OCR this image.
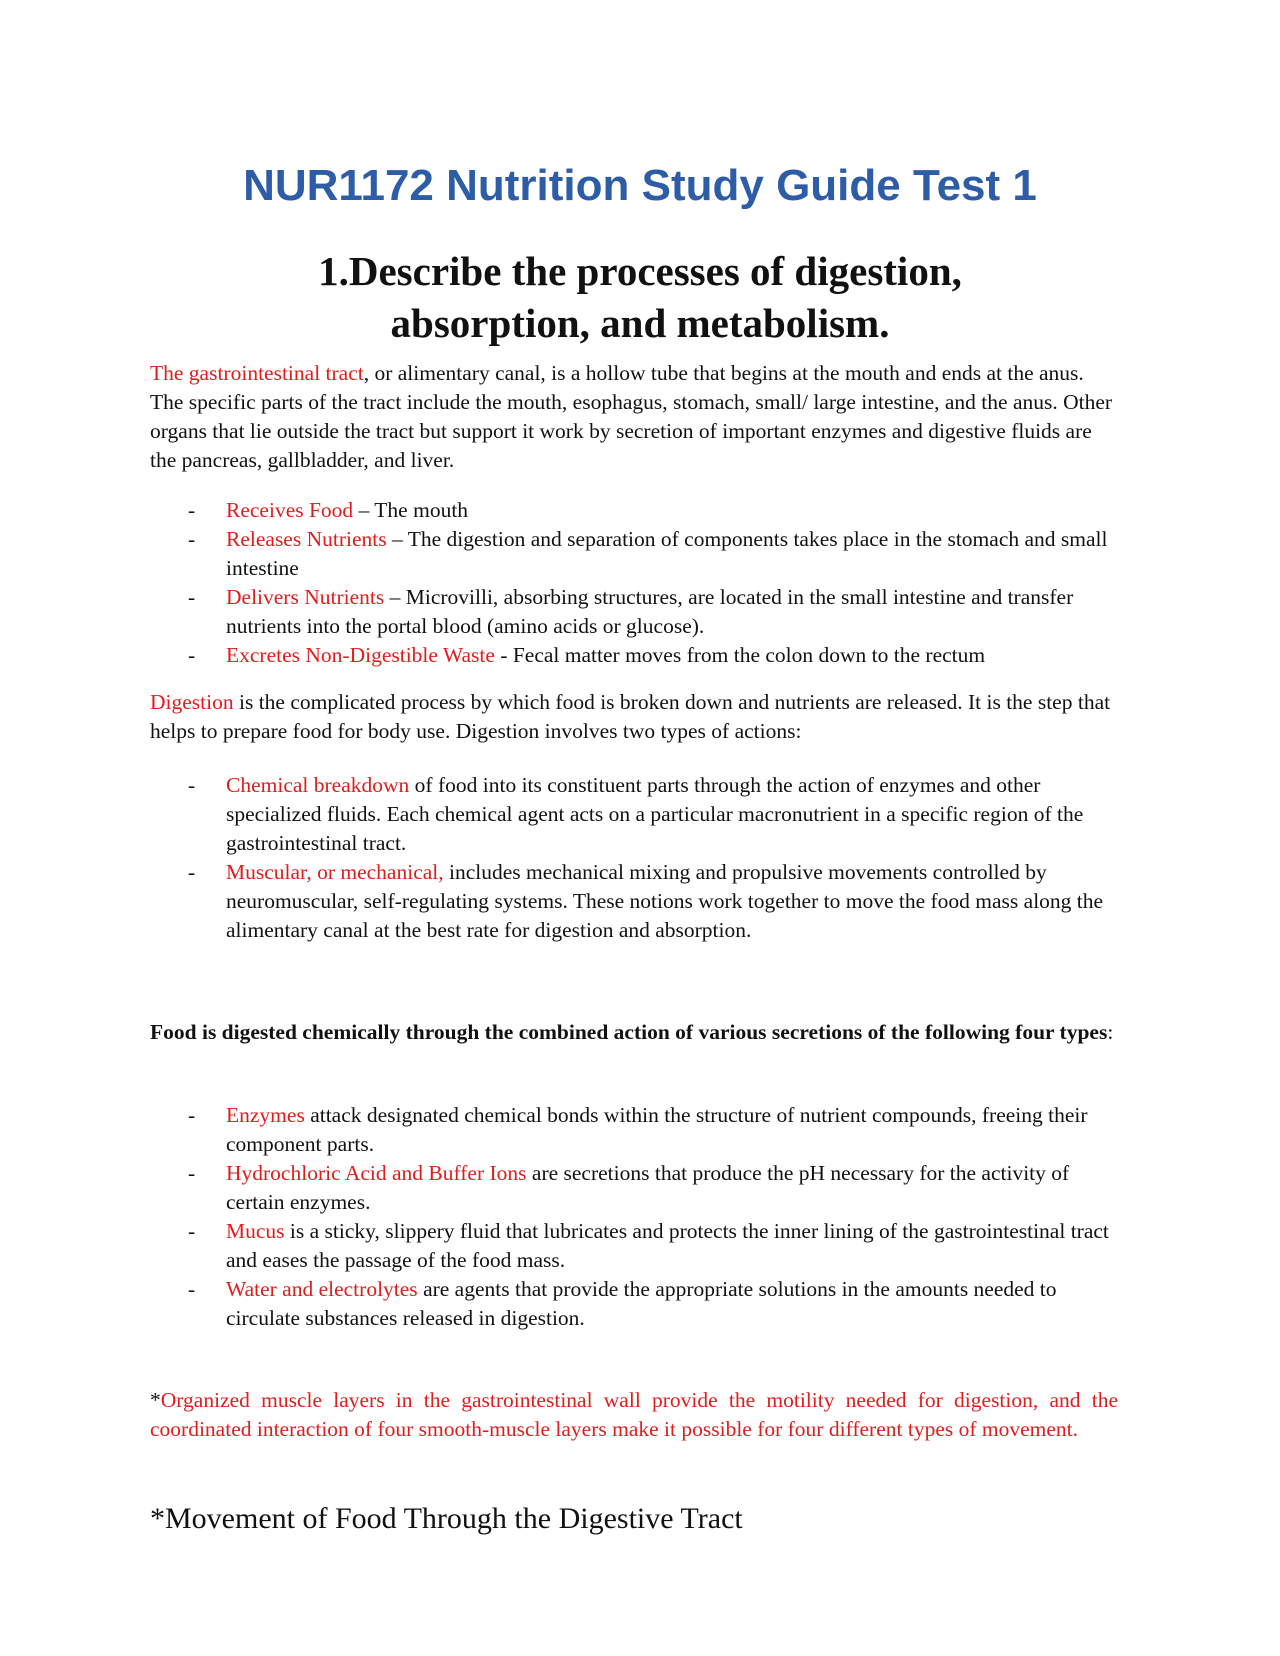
NUR1172 Nutrition Study Guide Test 1
1.Describe the processes of digestion,
absorption, and metabolism.

The gastrointestinal tract, or alimentary canal, is a hollow tube that begins at the mouth and ends at the anus. The specific parts of the tract include the mouth, esophagus, stomach, small/ large intestine, and the anus. Other organs that lie outside the tract but support it work by secretion of important enzymes and digestive fluids are the pancreas, gallbladder, and liver.

- Receives Food – The mouth
- Releases Nutrients – The digestion and separation of components takes place in the stomach and small intestine
- Delivers Nutrients – Microvilli, absorbing structures, are located in the small intestine and transfer nutrients into the portal blood (amino acids or glucose).
- Excretes Non-Digestible Waste - Fecal matter moves from the colon down to the rectum

Digestion is the complicated process by which food is broken down and nutrients are released. It is the step that helps to prepare food for body use. Digestion involves two types of actions:

- Chemical breakdown of food into its constituent parts through the action of enzymes and other specialized fluids. Each chemical agent acts on a particular macronutrient in a specific region of the gastrointestinal tract.
- Muscular, or mechanical, includes mechanical mixing and propulsive movements controlled by neuromuscular, self-regulating systems. These notions work together to move the food mass along the alimentary canal at the best rate for digestion and absorption.

Food is digested chemically through the combined action of various secretions of the following four types:

- Enzymes attack designated chemical bonds within the structure of nutrient compounds, freeing their component parts.
- Hydrochloric Acid and Buffer Ions are secretions that produce the pH necessary for the activity of certain enzymes.
- Mucus is a sticky, slippery fluid that lubricates and protects the inner lining of the gastrointestinal tract and eases the passage of the food mass.
- Water and electrolytes are agents that provide the appropriate solutions in the amounts needed to circulate substances released in digestion.

*Organized muscle layers in the gastrointestinal wall provide the motility needed for digestion, and the coordinated interaction of four smooth-muscle layers make it possible for four different types of movement.

*Movement of Food Through the Digestive Tract
